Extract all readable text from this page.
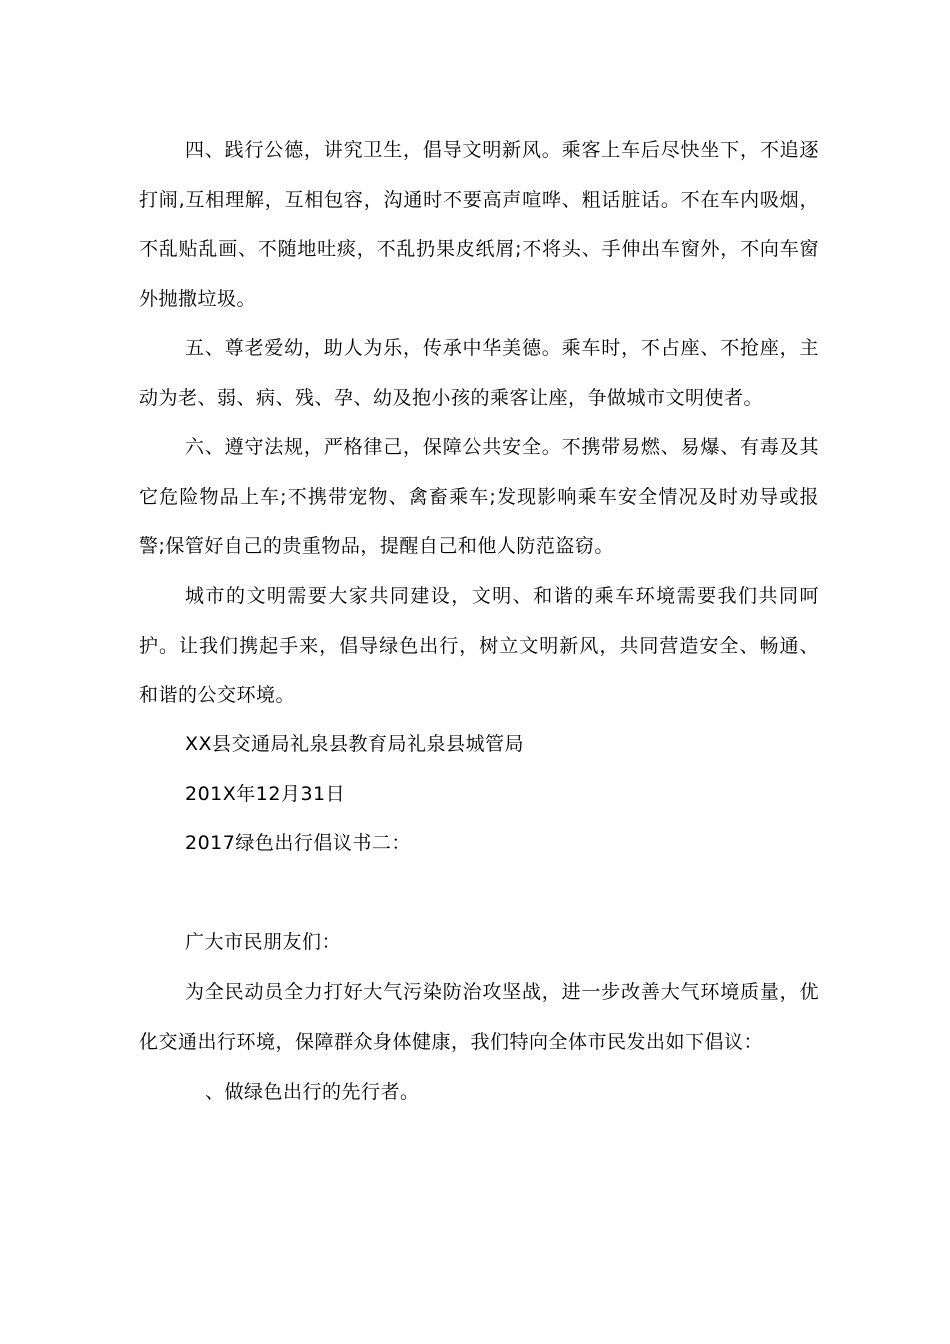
四、践行公德，讲究卫生，倡导文明新风。乘客上车后尽快坐下，不追逐打闹,互相理解，互相包容，沟通时不要高声喧哗、粗话脏话。不在车内吸烟，不乱贴乱画、不随地吐痰，不乱扔果皮纸屑;不将头、手伸出车窗外，不向车窗外抛撒垃圾。

五、尊老爱幼，助人为乐，传承中华美德。乘车时，不占座、不抢座，主动为老、弱、病、残、孕、幼及抱小孩的乘客让座，争做城市文明使者。

六、遵守法规，严格律己，保障公共安全。不携带易燃、易爆、有毒及其它危险物品上车;不携带宠物、禽畜乘车;发现影响乘车安全情况及时劝导或报警;保管好自己的贵重物品，提醒自己和他人防范盗窃。

城市的文明需要大家共同建设，文明、和谐的乘车环境需要我们共同呵护。让我们携起手来，倡导绿色出行，树立文明新风，共同营造安全、畅通、和谐的公交环境。

XX县交通局礼泉县教育局礼泉县城管局

201X年12月31日

2017绿色出行倡议书二：

广大市民朋友们：

为全民动员全力打好大气污染防治攻坚战，进一步改善大气环境质量，优化交通出行环境，保障群众身体健康，我们特向全体市民发出如下倡议：

、做绿色出行的先行者。
